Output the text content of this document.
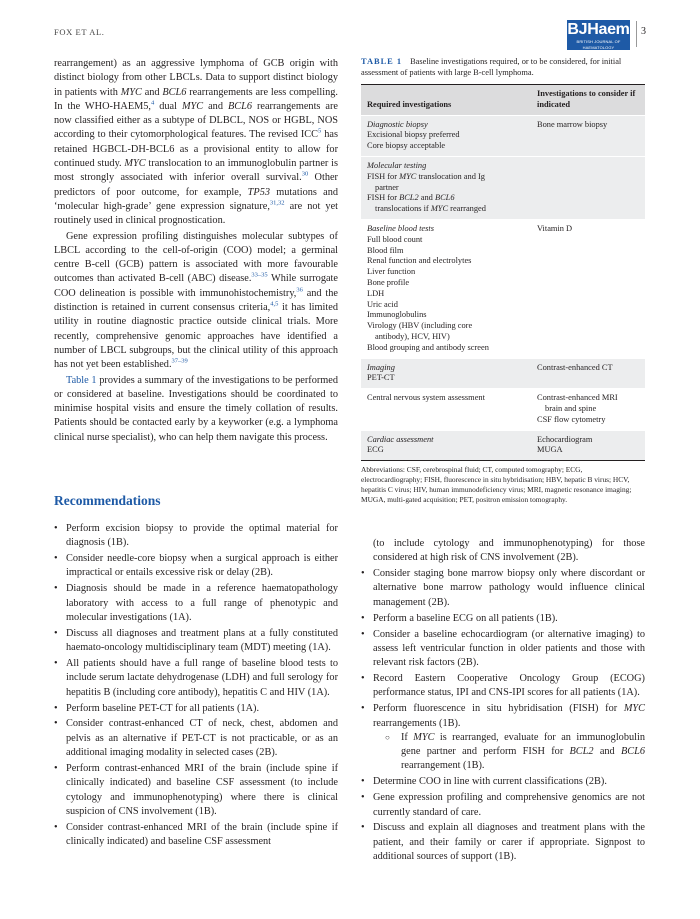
FOX ET AL.	BJHaem
BRITISH JOURNAL OF HAEMATOLOGY
3

rearrangement) as an aggressive lymphoma of GCB origin with distinct biology from other LBCLs. Data to support distinct biology in patients with MYC and BCL6 rearrangements are less compelling. In the WHO-HAEM5,$^4$ dual MYC and BCL6 rearrangements are now classified either as a subtype of DLBCL, NOS or HGBL, NOS according to their cytomorphological features. The revised ICC$^5$ has retained HGBCL-DH-BCL6 as a provisional entity to allow for continued study. MYC translocation to an immunoglobulin partner is most strongly associated with inferior overall survival.$^{30}$ Other predictors of poor outcome, for example, TP53 mutations and ‘molecular high-grade’ gene expression signature,$^{31,32}$ are not yet routinely used in clinical prognostication.

Gene expression profiling distinguishes molecular subtypes of LBCL according to the cell-of-origin (COO) model; a germinal centre B-cell (GCB) pattern is associated with more favourable outcomes than activated B-cell (ABC) disease.$^{33-35}$ While surrogate COO delineation is possible with immunohistochemistry,$^{36}$ and the distinction is retained in current consensus criteria,$^{4,5}$ it has limited utility in routine diagnostic practice outside clinical trials. More recently, comprehensive genomic approaches have identified a number of LBCL subgroups, but the clinical utility of this approach has not yet been established.$^{37-39}$

Table 1 provides a summary of the investigations to be performed or considered at baseline. Investigations should be coordinated to minimise hospital visits and ensure the timely collation of results. Patients should be contacted early by a keyworker (e.g. a lymphoma clinical nurse specialist), who can help them navigate this process.

TABLE 1 Baseline investigations required, or to be considered, for initial assessment of patients with large B-cell lymphoma.
Required investigations
Investigations to consider if indicated
Diagnostic biopsy
Excisional biopsy preferred
Core biopsy acceptable
Bone marrow biopsy
Molecular testing
FISH for MYC translocation and Ig
partner
FISH for BCL2 and BCL6
translocations if MYC rearranged
Baseline blood tests
Full blood count
Blood film
Renal function and electrolytes
Liver function
Bone profile
LDH
Uric acid
Immunoglobulins
Virology (HBV (including core
antibody), HCV, HIV)
Blood grouping and antibody screen
Vitamin D
Imaging
PET-CT
Contrast-enhanced CT
Central nervous system assessment	Contrast-enhanced MRI
brain and spine
CSF flow cytometry
Cardiac assessment
ECG
Echocardiogram
MUGA
Abbreviations: CSF, cerebrospinal fluid; CT, computed tomography; ECG, electrocardiography; FISH, fluorescence in situ hybridisation; HBV, hepatic B virus; HCV, hepatitis C virus; HIV, human immunodeficiency virus; MRI, magnetic resonance imaging; MUGA, multi-gated acquisition; PET, positron emission tomography.
Recommendations
• Perform excision biopsy to provide the optimal material for diagnosis (1B).
• Consider needle-core biopsy when a surgical approach is either impractical or entails excessive risk or delay (2B).
• Diagnosis should be made in a reference haematopathology laboratory with access to a full range of phenotypic and molecular investigations (1A).
• Discuss all diagnoses and treatment plans at a fully constituted haemato-oncology multidisciplinary team (MDT) meeting (1A).
• All patients should have a full range of baseline blood tests to include serum lactate dehydrogenase (LDH) and full serology for hepatitis B (including core antibody), hepatitis C and HIV (1A).
• Perform baseline PET-CT for all patients (1A).
• Consider contrast-enhanced CT of neck, chest, abdomen and pelvis as an alternative if PET-CT is not practicable, or as an additional imaging modality in selected cases (2B).
• Perform contrast-enhanced MRI of the brain (include spine if clinically indicated) and baseline CSF assessment (to include cytology and immunophenotyping) where there is clinical suspicion of CNS involvement (1B).
• Consider contrast-enhanced MRI of the brain (include spine if clinically indicated) and baseline CSF assessment
(to include cytology and immunophenotyping) for those considered at high risk of CNS involvement (2B).
• Consider staging bone marrow biopsy only where discordant or alternative bone marrow pathology would influence clinical management (2B).
• Perform a baseline ECG on all patients (1B).
• Consider a baseline echocardiogram (or alternative imaging) to assess left ventricular function in older patients and those with relevant risk factors (2B).
• Record Eastern Cooperative Oncology Group (ECOG) performance status, IPI and CNS-IPI scores for all patients (1A).
• Perform fluorescence in situ hybridisation (FISH) for MYC rearrangements (1B).
○ If MYC is rearranged, evaluate for an immunoglobulin gene partner and perform FISH for BCL2 and BCL6 rearrangement (1B).
• Determine COO in line with current classifications (2B).
• Gene expression profiling and comprehensive genomics are not currently standard of care.
• Discuss and explain all diagnoses and treatment plans with the patient, and their family or carer if appropriate. Signpost to additional sources of support (1B).
